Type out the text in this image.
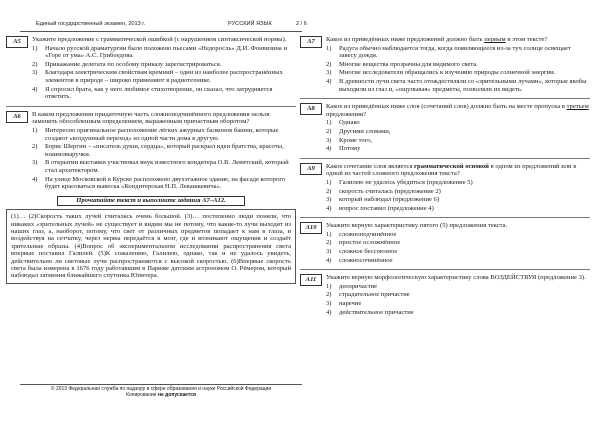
Единый государственный экзамен, 2013 г.	РУССКИЙ ЯЗЫК	2 / 6
A5	Укажите предложение с грамматической ошибкой (с нарушением синтаксической нормы).
1)	Начало русской драматургии было положено пьесами «Недоросль» Д.И. Фонвизина и «Горе от ума» А.С. Грибоедова.
2)	Прикажание делегата по особому приказу зарегистрироваться.
3)	Благодаря электрическим свойствам кремний – один из наиболее распространённых элементов в природе – широко применяют в радиотехнике.
4)	Я спросил брата, как у него любимое стихотворение, он сказал, что затрудняется ответить.
A6	В каком предложении придаточную часть сложноподчинённого предложения нельзя заменить обособленным определением, выраженным причастным оборотом?
1)	Интересно оригинальное расположение лёгких ажурных балконов башни, которые создают «воздушный переход» из одной части дома в другую.
2)	Борис Шергин – «писатель души, сердца», который раскрыл идеи братства, красоты, взаимовыручки.
3)	В открытии выставки участвовал внук известного кондитера О.В. Левитский, который стал архитектором.
4)	На улице Московской в Курске расположено двухэтажное здание, на фасаде которого будет красоваться вывеска «Кондитерская Н.П. Левашкевича».
Прочитайте текст и выполните задания A7–A12.
(1)… (2)Скорость таких лучей считалась очень большой. (3)… постепенно люди поняли, что никаких «зрительных лучей» не существует и видим мы не потому, что какие-то лучи выходят из наших глаз, а, наоборот, потому, что свет от различных предметов попадает к нам в глаза, и воздействуя на сетчатку, через нервы передаётся в мозг, где и возникают ощущения и создаёт зрительные образы. (4)Вопрос об экспериментальном исследовании распространения света впервые поставил Галилей. (5)К сожалению, Галилею, однако, так и не удалось увидеть, действительно ли световые лучи распространяются с высокой скоростью. (6)Впервые скорость света была измерена в 1676 году работавшим в Париже датским астрономом О. Рёмером, который наблюдал затмения ближайшего спутника Юпитера.
A7	Какое из приведённых ниже предложений должно быть первым в этом тексте?
1)	Радуга обычно наблюдается тогда, когда появляющееся из-за туч солнце освещает завесу дождя.
2)	Многие вещества прозрачны для видимого света.
3)	Многие исследователи обращались к изучению природы солнечной энергии.
4)	В древности лучи света часто отождествляли со «зрительными лучами», которые якобы выходили из глаз и, «ощупывая» предметы, позволяли их видеть.
A8	Какое из приведённых ниже слов (сочетаний слов) должно быть на месте пропуска в третьем предложении?
1)	Однако
2)	Другими словами,
3)	Кроме того,
4)	Потому
A9	Какое сочетание слов является грамматической основой в одном из предложений или в одной из частей сложного предложения текста?
1)	Галилею не удалось убедиться (предложение 5)
2)	скорость считалась (предложение 2)
3)	который наблюдал (предложение 6)
4)	вопрос поставил (предложение 4)
A10	Укажите верную характеристику пятого (5) предложения текста.
1)	сложноподчинённое
2)	простое осложнённое
3)	сложное бессоюзное
4)	сложносочинённое
A11	Укажите верную морфологическую характеристику слова ВОЗДЕЙСТВУЯ (предложение 3).
1)	деепричастие
2)	страдательное причастие
3)	наречие
4)	действительное причастие
© 2013 Федеральная служба по надзору в сфере образования и науки Российской Федерации
Копирование не допускается
